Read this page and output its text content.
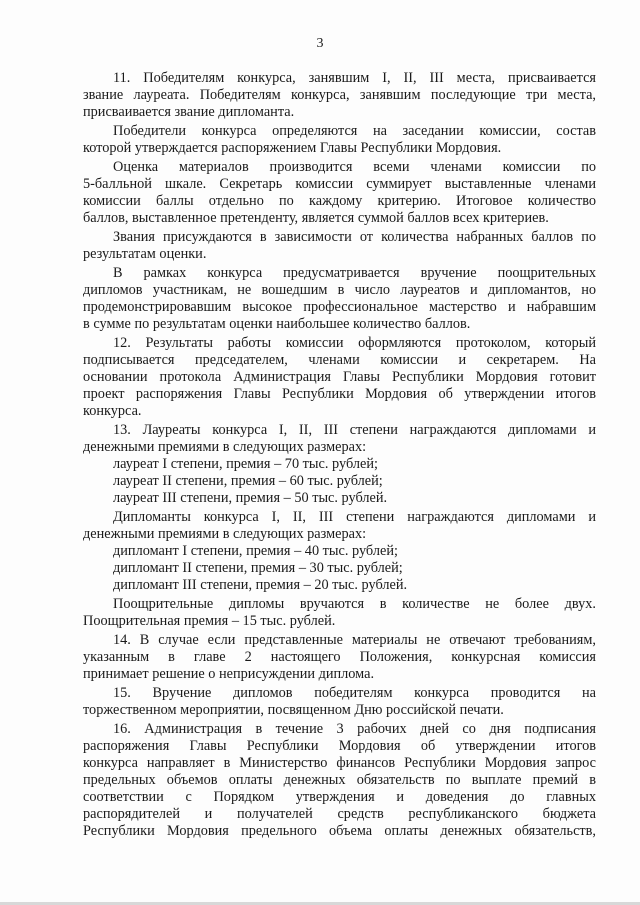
3
11. Победителям конкурса, занявшим I, II, III места, присваивается
звание лауреата. Победителям конкурса, занявшим последующие три места,
присваивается звание дипломанта.
Победители конкурса определяются на заседании комиссии, состав
которой утверждается распоряжением Главы Республики Мордовия.
Оценка материалов производится всеми членами комиссии по
5-балльной шкале. Секретарь комиссии суммирует выставленные членами
комиссии баллы отдельно по каждому критерию. Итоговое количество
баллов, выставленное претенденту, является суммой баллов всех критериев.
Звания присуждаются в зависимости от количества набранных баллов по
результатам оценки.
В рамках конкурса предусматривается вручение поощрительных
дипломов участникам, не вошедшим в число лауреатов и дипломантов, но
продемонстрировавшим высокое профессиональное мастерство и набравшим
в сумме по результатам оценки наибольшее количество баллов.
12. Результаты работы комиссии оформляются протоколом, который
подписывается председателем, членами комиссии и секретарем. На
основании протокола Администрация Главы Республики Мордовия готовит
проект распоряжения Главы Республики Мордовия об утверждении итогов
конкурса.
13. Лауреаты конкурса I, II, III степени награждаются дипломами и
денежными премиями в следующих размерах:
лауреат I степени, премия – 70 тыс. рублей;
лауреат II степени, премия – 60 тыс. рублей;
лауреат III степени, премия – 50 тыс. рублей.
Дипломанты конкурса I, II, III степени награждаются дипломами и
денежными премиями в следующих размерах:
дипломант I степени, премия – 40 тыс. рублей;
дипломант II степени, премия – 30 тыс. рублей;
дипломант III степени, премия – 20 тыс. рублей.
Поощрительные дипломы вручаются в количестве не более двух.
Поощрительная премия – 15 тыс. рублей.
14. В случае если представленные материалы не отвечают требованиям,
указанным в главе 2 настоящего Положения, конкурсная комиссия
принимает решение о неприсуждении диплома.
15. Вручение дипломов победителям конкурса проводится на
торжественном мероприятии, посвященном Дню российской печати.
16. Администрация в течение 3 рабочих дней со дня подписания
распоряжения Главы Республики Мордовия об утверждении итогов
конкурса направляет в Министерство финансов Республики Мордовия запрос
предельных объемов оплаты денежных обязательств по выплате премий в
соответствии с Порядком утверждения и доведения до главных
распорядителей и получателей средств республиканского бюджета
Республики Мордовия предельного объема оплаты денежных обязательств,
